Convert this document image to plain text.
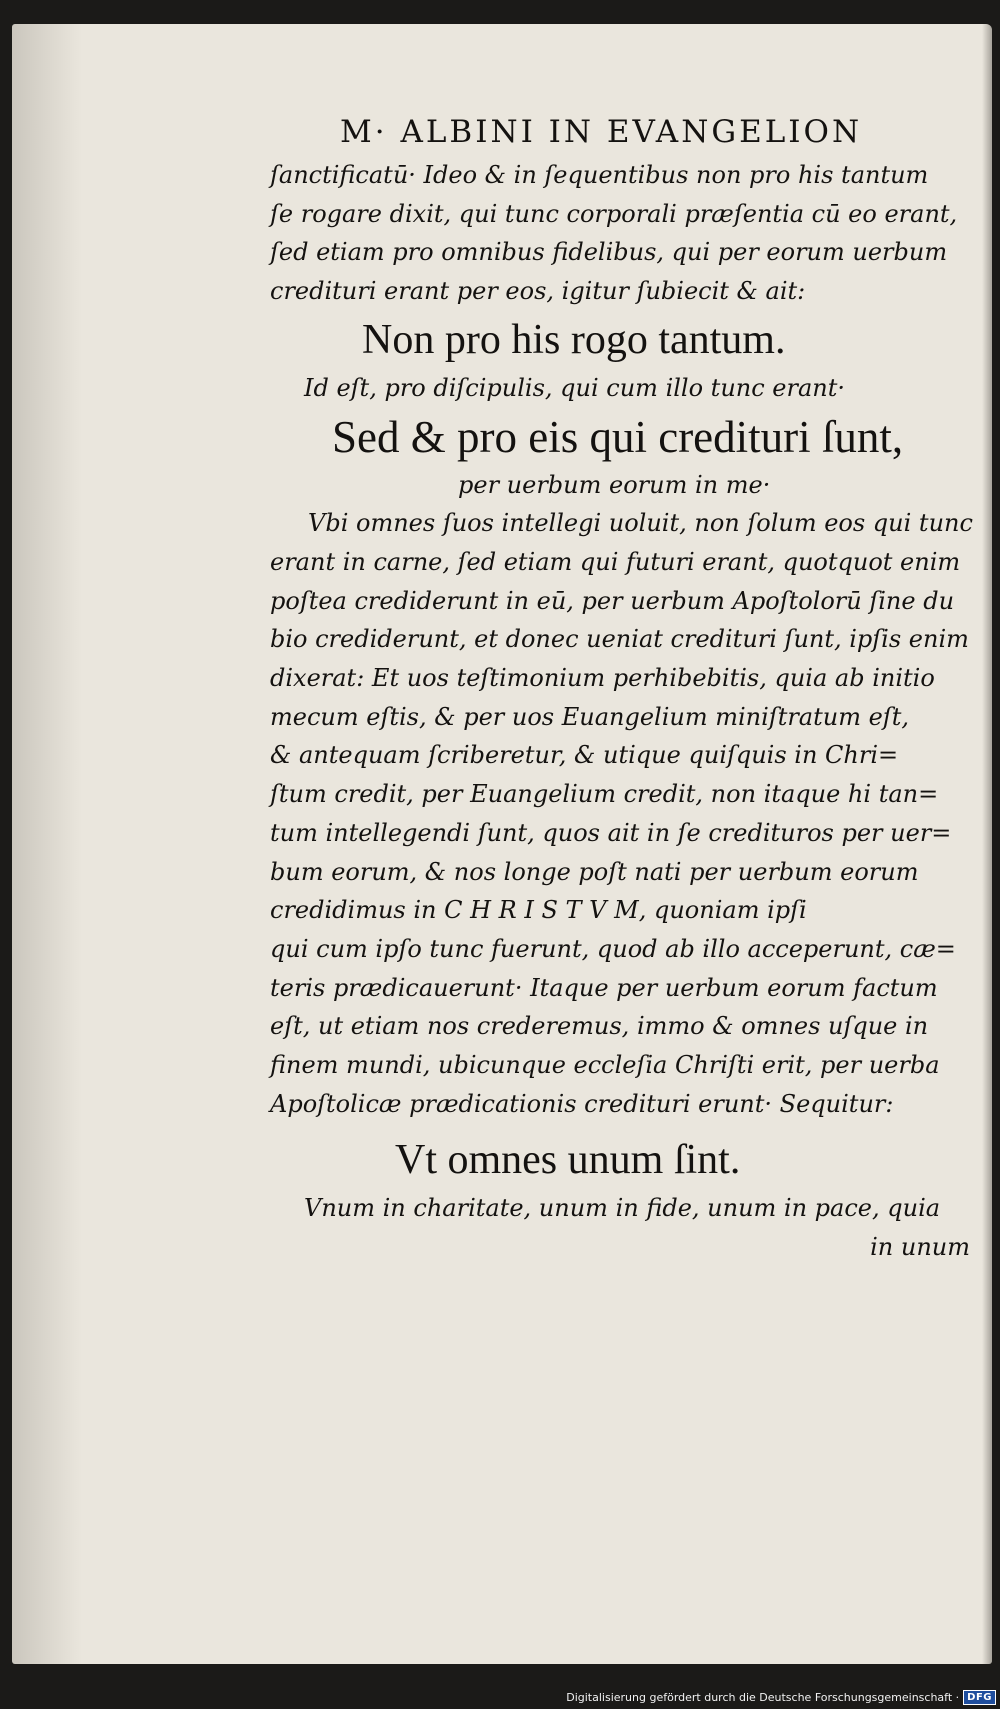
M· ALBINI IN EVANGELION

ſanctificatū· Ideo & in ſequentibus non pro his tantum

ſe rogare dixit, qui tunc corporali præſentia cū eo erant,

ſed etiam pro omnibus fidelibus, qui per eorum uerbum

credituri erant per eos, igitur ſubiecit & ait:

Non pro his rogo tantum.

Id eſt, pro diſcipulis, qui cum illo tunc erant·

Sed & pro eis qui credituri ſunt,

per uerbum eorum in me·

Vbi omnes ſuos intellegi uoluit, non ſolum eos qui tunc

erant in carne, ſed etiam qui futuri erant, quotquot enim

poſtea crediderunt in eū, per uerbum Apoſtolorū ſine du

bio crediderunt, et donec ueniat credituri ſunt, ipſis enim

dixerat: Et uos teſtimonium perhibebitis, quia ab initio

mecum eſtis, & per uos Euangelium miniſtratum eſt,

& antequam ſcriberetur, & utique quiſquis in Chri=

ſtum credit, per Euangelium credit, non itaque hi tan=

tum intellegendi ſunt, quos ait in ſe credituros per uer=

bum eorum, & nos longe poſt nati per uerbum eorum

credidimus in C H R I S T V M, quoniam ipſi

qui cum ipſo tunc fuerunt, quod ab illo acceperunt, cæ=

teris prædicauerunt· Itaque per uerbum eorum factum

eſt, ut etiam nos crederemus, immo & omnes uſque in

finem mundi, ubicunque eccleſia Chriſti erit, per uerba

Apoſtolicæ prædicationis credituri erunt· Sequitur:

Vt omnes unum ſint.

Vnum in charitate, unum in fide, unum in pace, quia

in unum

Digitalisierung gefördert durch die Deutsche Forschungsgemeinschaft · DFG
